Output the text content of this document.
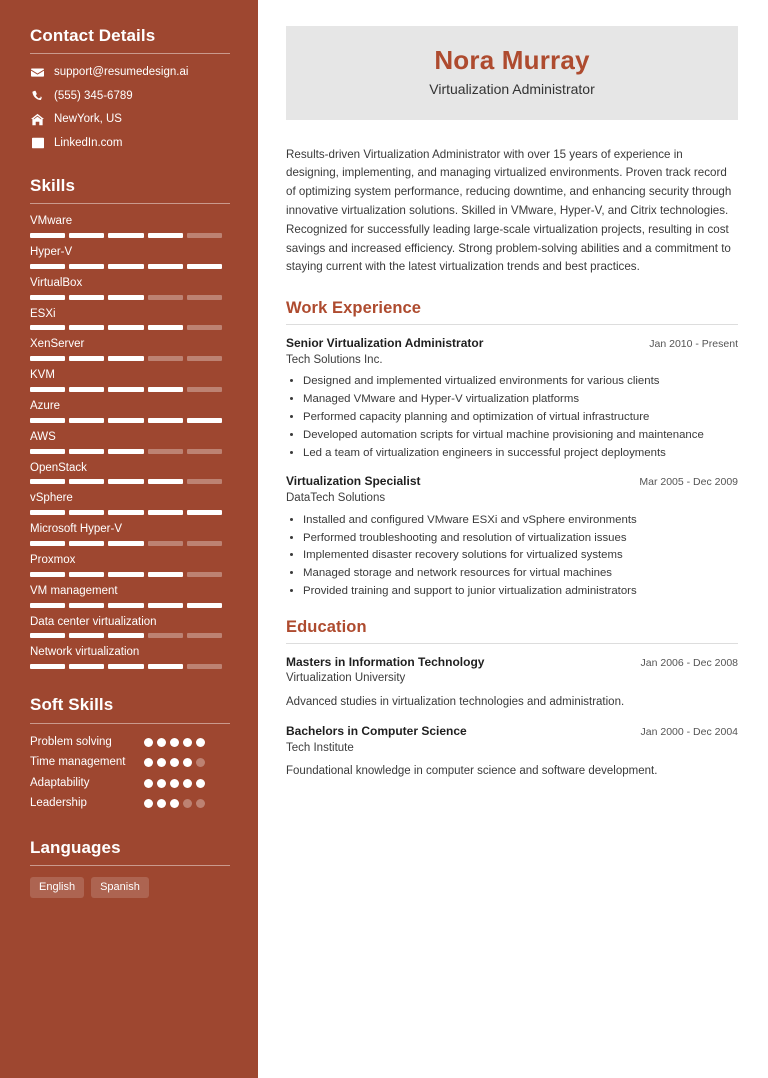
Contact Details
support@resumedesign.ai
(555) 345-6789
NewYork, US
LinkedIn.com
Skills
VMware
Hyper-V
VirtualBox
ESXi
XenServer
KVM
Azure
AWS
OpenStack
vSphere
Microsoft Hyper-V
Proxmox
VM management
Data center virtualization
Network virtualization
Soft Skills
Problem solving
Time management
Adaptability
Leadership
Languages
English	Spanish
Nora Murray

Virtualization Administrator

Results-driven Virtualization Administrator with over 15 years of experience in designing, implementing, and managing virtualized environments. Proven track record of optimizing system performance, reducing downtime, and enhancing security through innovative virtualization solutions. Skilled in VMware, Hyper-V, and Citrix technologies. Recognized for successfully leading large-scale virtualization projects, resulting in cost savings and increased efficiency. Strong problem-solving abilities and a commitment to staying current with the latest virtualization trends and best practices.

Work Experience
Senior Virtualization Administrator	Jan 2010 - Present
Tech Solutions Inc.
• Designed and implemented virtualized environments for various clients
• Managed VMware and Hyper-V virtualization platforms
• Performed capacity planning and optimization of virtual infrastructure
• Developed automation scripts for virtual machine provisioning and maintenance
• Led a team of virtualization engineers in successful project deployments
Virtualization Specialist	Mar 2005 - Dec 2009
DataTech Solutions
• Installed and configured VMware ESXi and vSphere environments
• Performed troubleshooting and resolution of virtualization issues
• Implemented disaster recovery solutions for virtualized systems
• Managed storage and network resources for virtual machines
• Provided training and support to junior virtualization administrators
Education
Masters in Information Technology	Jan 2006 - Dec 2008
Virtualization University

Advanced studies in virtualization technologies and administration.

Bachelors in Computer Science	Jan 2000 - Dec 2004
Tech Institute

Foundational knowledge in computer science and software development.
